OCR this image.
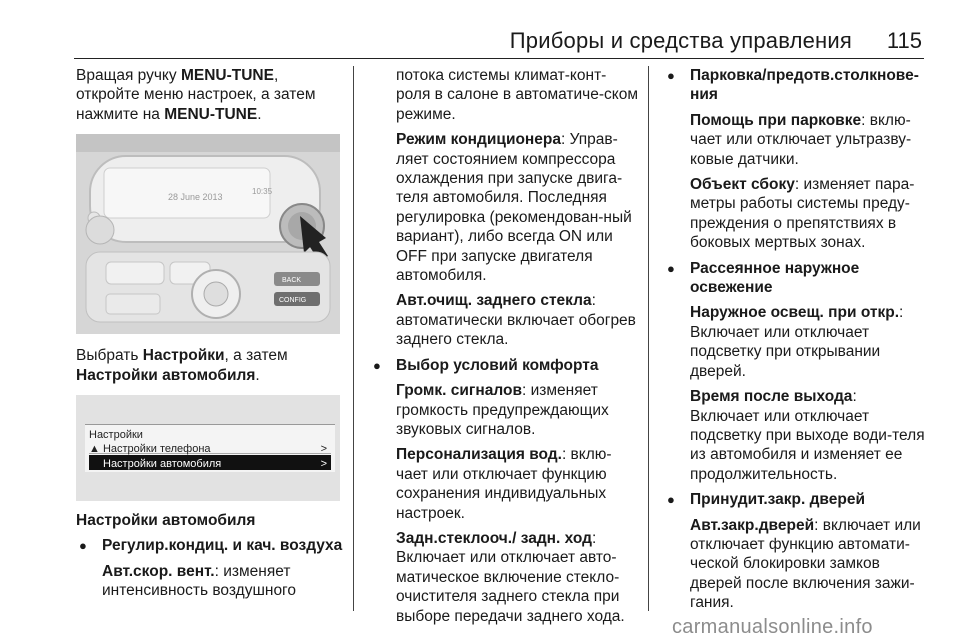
Приборы и средства управления 115

Вращая ручку MENU-TUNE, откройте меню настроек, а затем нажмите на MENU-TUNE.

28 June 2013
10:35
BACK
CONFIG

Выбрать Настройки, а затем Настройки автомобиля.

Настройки
▲ Настройки телефона	>
Настройки автомобиля	>

Настройки автомобиля

● Регулир.кондиц. и кач. воздуха

Авт.скор. вент.: изменяет интенсивность воздушного

потока системы климат-конт-роля в салоне в автоматиче-ском режиме.

Режим кондиционера: Управ-ляет состоянием компрессора охлаждения при запуске двига-теля автомобиля. Последняя регулировка (рекомендован-ный вариант), либо всегда ON или OFF при запуске двигателя автомобиля.

Авт.очищ. заднего стекла: автоматически включает обогрев заднего стекла.

● Выбор условий комфорта

Громк. сигналов: изменяет громкость предупреждающих звуковых сигналов.

Персонализация вод.: вклю-чает или отключает функцию сохранения индивидуальных настроек.

Задн.стеклооч./ задн. ход:
Включает или отключает авто-матическое включение стекло-очистителя заднего стекла при выборе передачи заднего хода.

● Парковка/предотв.столкнове-ния

Помощь при парковке: вклю-чает или отключает ультразву-ковые датчики.

Объект сбоку: изменяет пара-метры работы системы преду-преждения о препятствиях в боковых мертвых зонах.

● Рассеянное наружное освежение

Наружное освещ. при откр.:
Включает или отключает подсветку при открывании дверей.

Время после выхода:
Включает или отключает подсветку при выходе води-теля из автомобиля и изменяет ее продолжительность.

● Принудит.закр. дверей

Авт.закр.дверей: включает или отключает функцию автомати-ческой блокировки замков дверей после включения зажи-гания.

carmanualsonline.info
